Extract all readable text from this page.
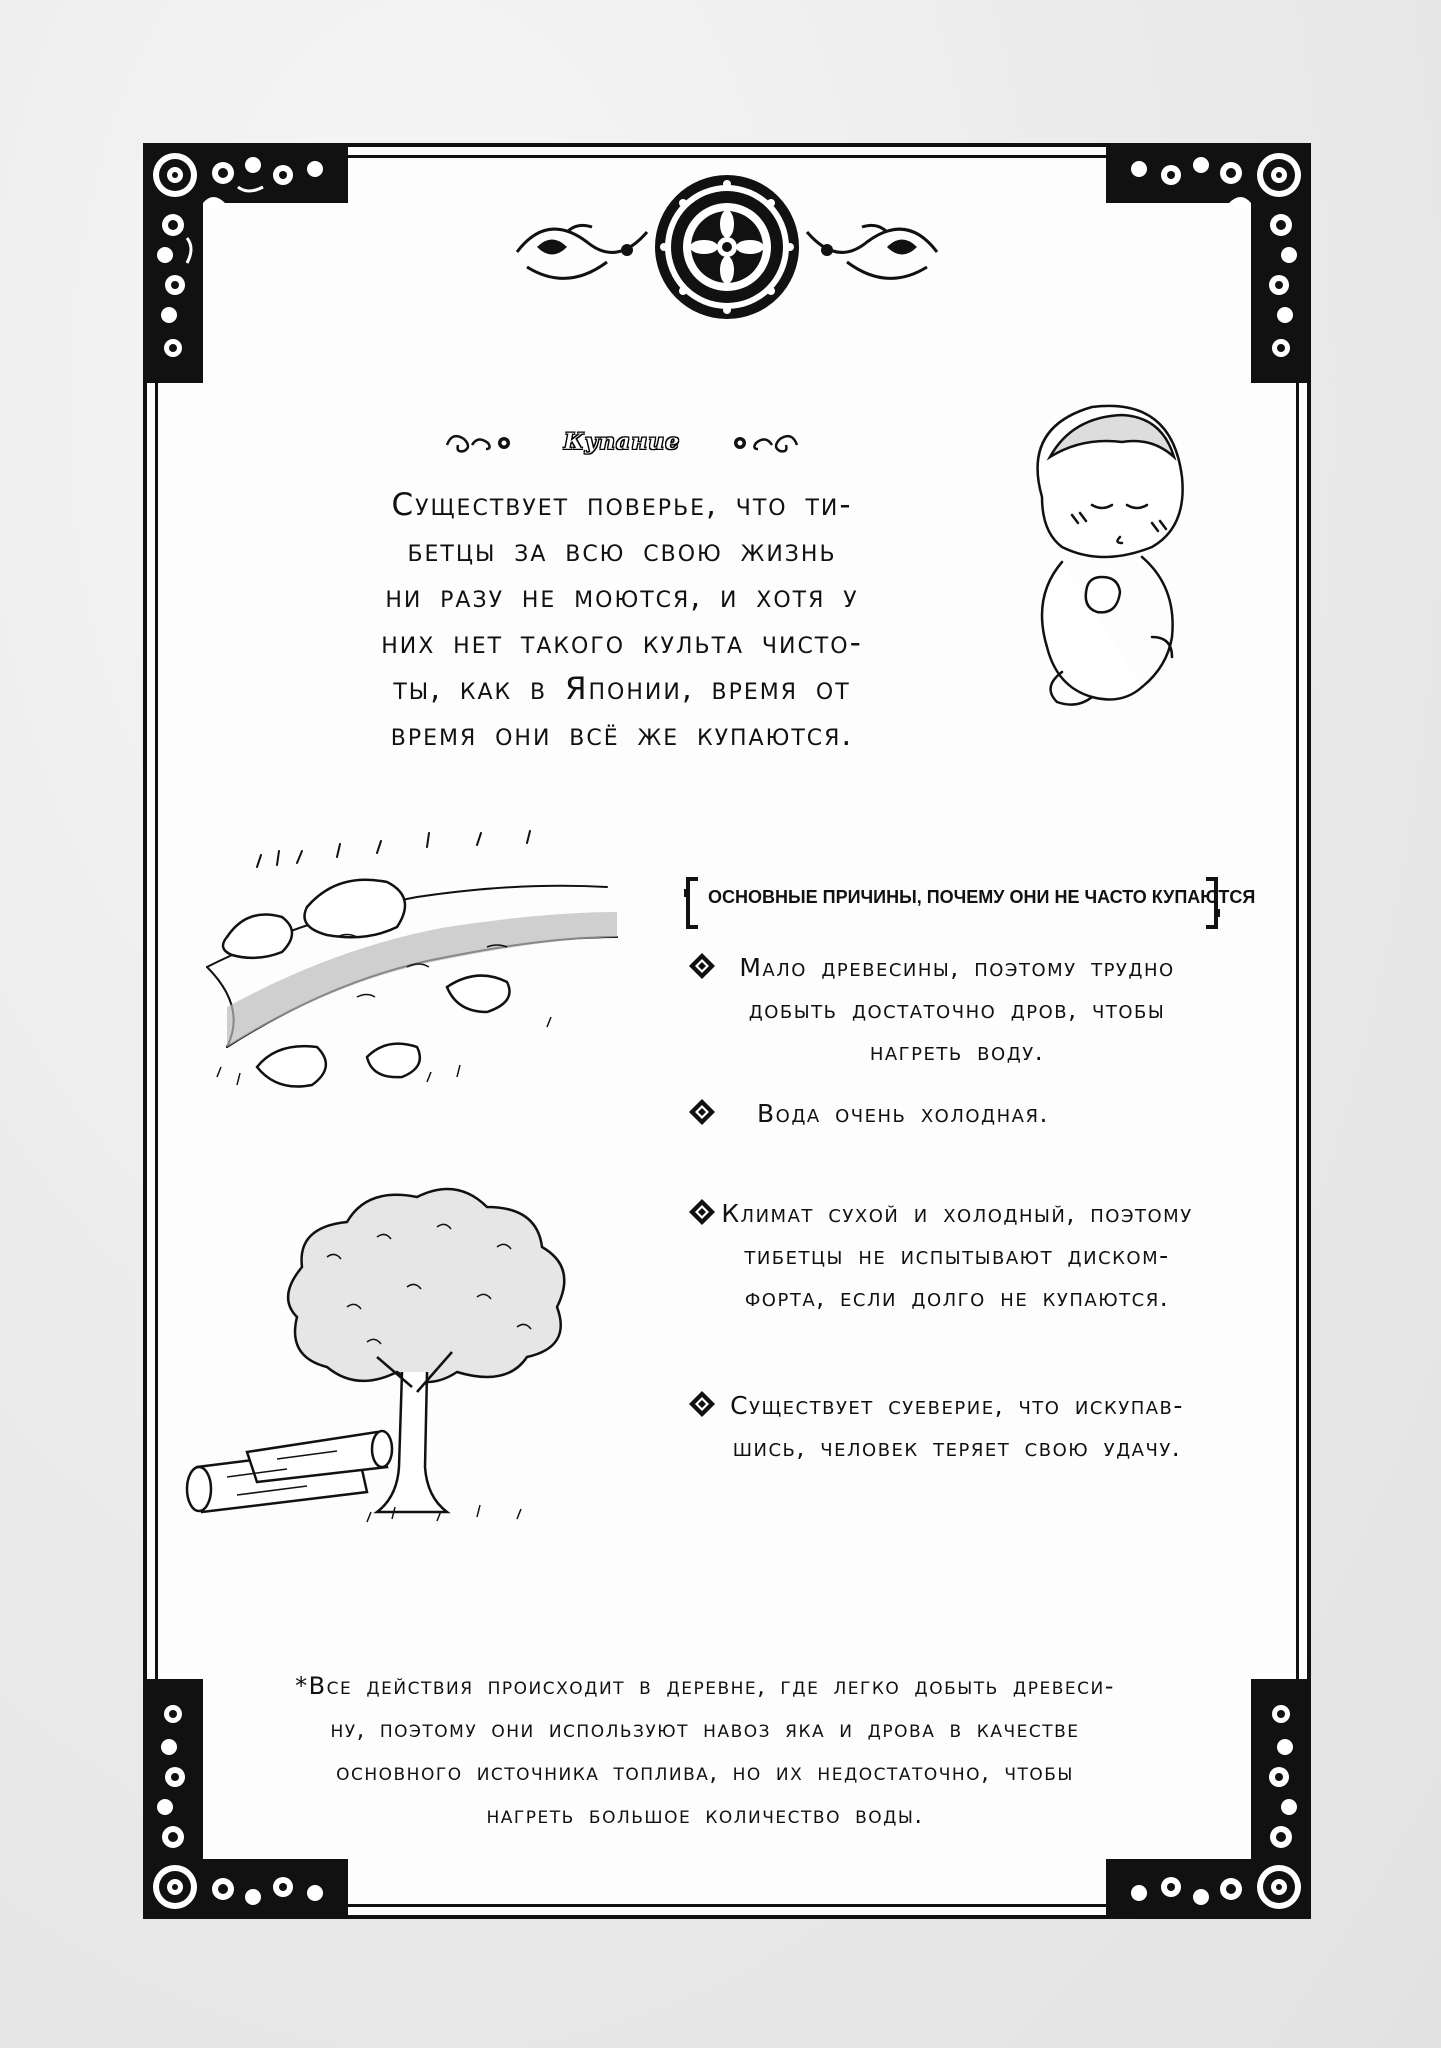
Купание

Существует поверье, что ти-

бетцы за всю свою жизнь

ни разу не моются, и хотя у

них нет такого культа чисто-

ты, как в Японии, время от

время они всё же купаются.

ОСНОВНЫЕ ПРИЧИНЫ, ПОЧЕМУ ОНИ НЕ ЧАСТО КУПАЮТСЯ

Мало древесины, поэтому трудно

добыть достаточно дров, чтобы

нагреть воду.

Вода очень холодная.

Климат сухой и холодный, поэтому

тибетцы не испытывают диском-

форта, если долго не купаются.

Существует суеверие, что искупав-

шись, человек теряет свою удачу.

*Все действия происходит в деревне, где легко добыть древеси-

ну, поэтому они используют навоз яка и дрова в качестве

основного источника топлива, но их недостаточно, чтобы

нагреть большое количество воды.
